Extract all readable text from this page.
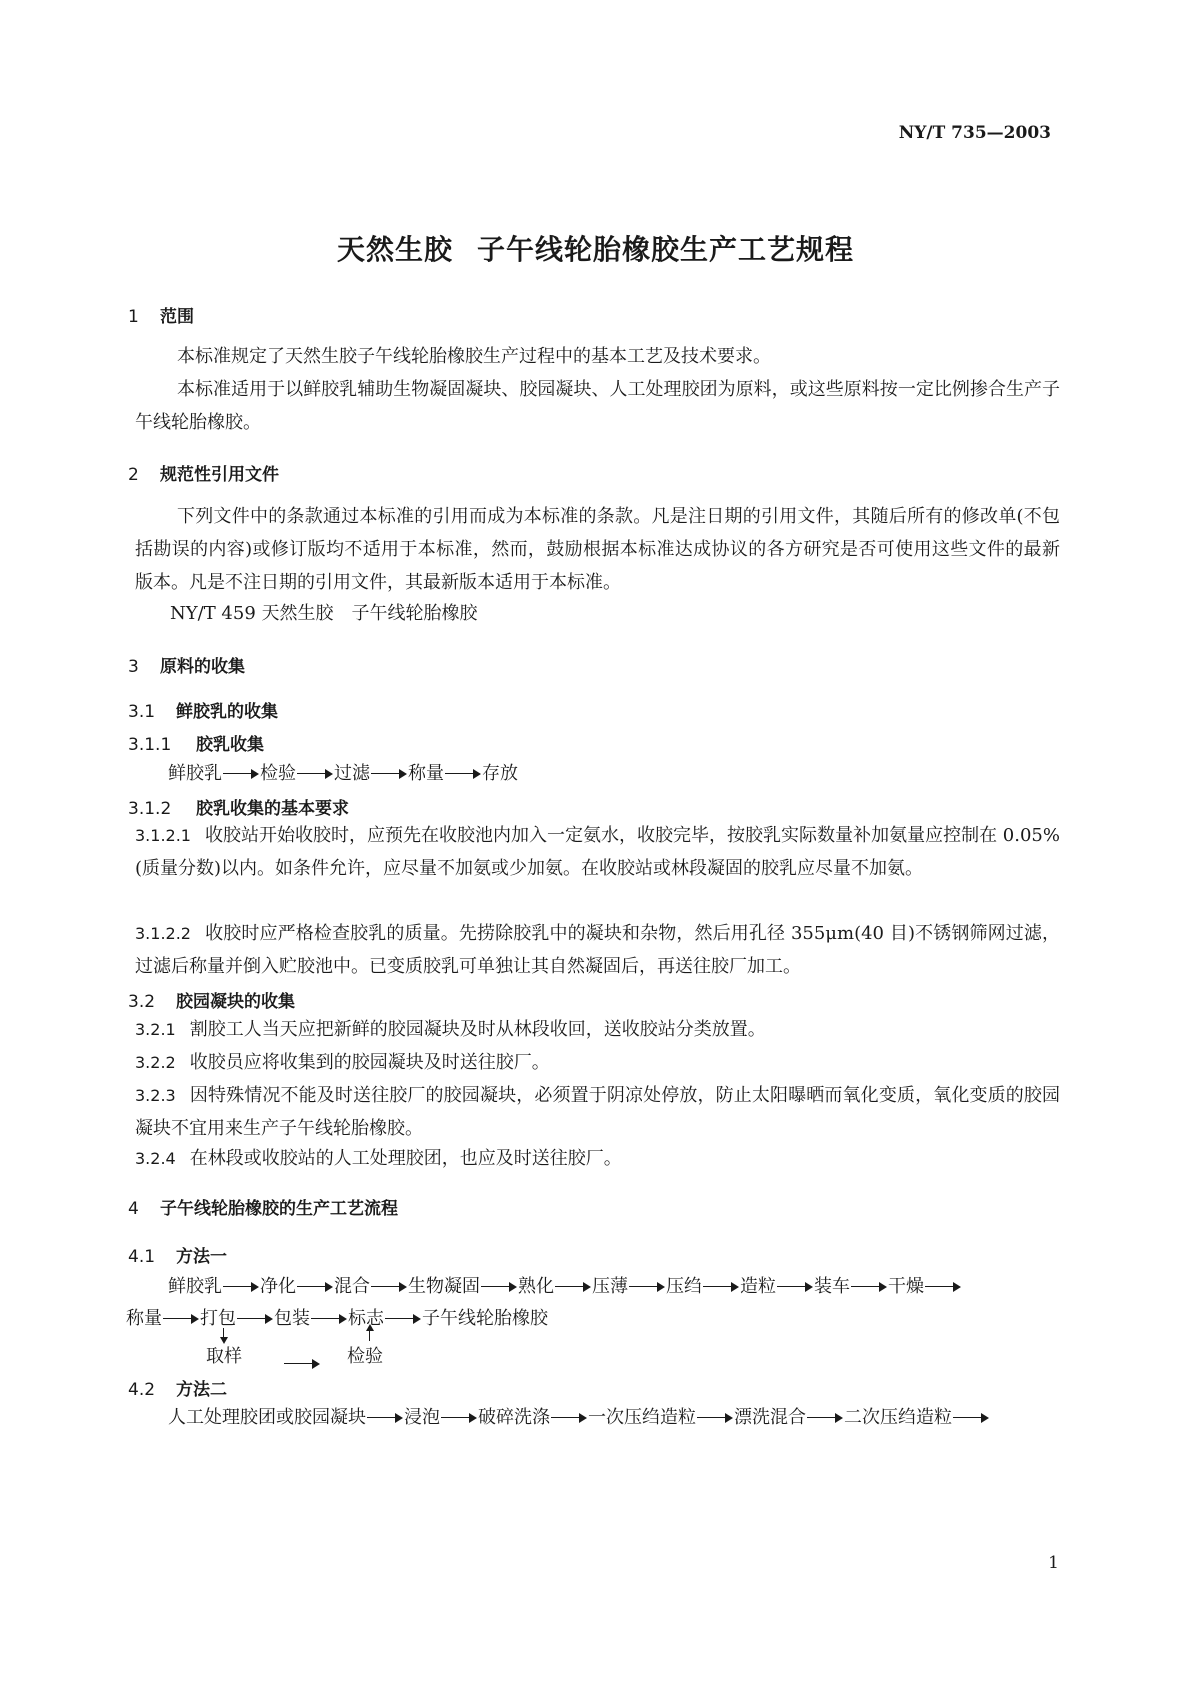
NY/T 735—2003
天然生胶 子午线轮胎橡胶生产工艺规程
1 范围
本标准规定了天然生胶子午线轮胎橡胶生产过程中的基本工艺及技术要求。
本标准适用于以鲜胶乳辅助生物凝固凝块、胶园凝块、人工处理胶团为原料，或这些原料按一定比例掺合生产子午线轮胎橡胶。
2 规范性引用文件
下列文件中的条款通过本标准的引用而成为本标准的条款。凡是注日期的引用文件，其随后所有的修改单(不包括勘误的内容)或修订版均不适用于本标准，然而，鼓励根据本标准达成协议的各方研究是否可使用这些文件的最新版本。凡是不注日期的引用文件，其最新版本适用于本标准。
NY/T 459 天然生胶　子午线轮胎橡胶
3 原料的收集
3.1 鲜胶乳的收集
3.1.1 胶乳收集
鲜胶乳 检验 过滤 称量 存放
3.1.2 胶乳收集的基本要求
3.1.2.1 收胶站开始收胶时，应预先在收胶池内加入一定氨水，收胶完毕，按胶乳实际数量补加氨量应控制在 0.05%(质量分数)以内。如条件允许，应尽量不加氨或少加氨。在收胶站或林段凝固的胶乳应尽量不加氨。
3.1.2.2 收胶时应严格检查胶乳的质量。先捞除胶乳中的凝块和杂物，然后用孔径 355μm(40 目)不锈钢筛网过滤，过滤后称量并倒入贮胶池中。已变质胶乳可单独让其自然凝固后，再送往胶厂加工。
3.2 胶园凝块的收集
3.2.1 割胶工人当天应把新鲜的胶园凝块及时从林段收回，送收胶站分类放置。
3.2.2 收胶员应将收集到的胶园凝块及时送往胶厂。
3.2.3 因特殊情况不能及时送往胶厂的胶园凝块，必须置于阴凉处停放，防止太阳曝晒而氧化变质，氧化变质的胶园凝块不宜用来生产子午线轮胎橡胶。
3.2.4 在林段或收胶站的人工处理胶团，也应及时送往胶厂。
4 子午线轮胎橡胶的生产工艺流程
4.1 方法一
鲜胶乳 净化 混合 生物凝固 熟化 压薄 压绉 造粒 装车 干燥
称量 打包 包装 标志 子午线轮胎橡胶
取样	检验
4.2 方法二
人工处理胶团或胶园凝块 浸泡 破碎洗涤 一次压绉造粒 漂洗混合 二次压绉造粒
1
